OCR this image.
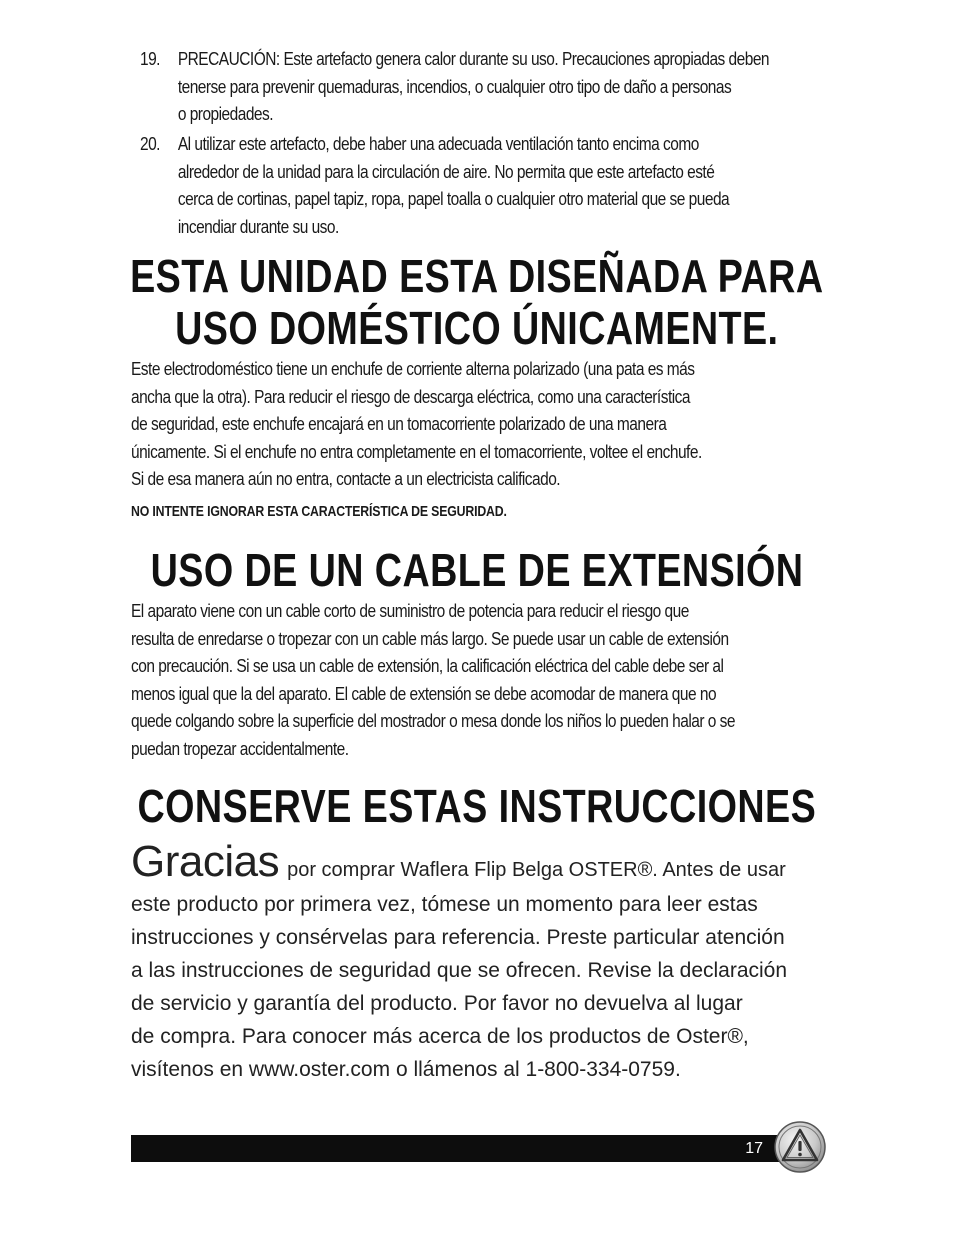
19. PRECAUCIÓN: Este artefacto genera calor durante su uso. Precauciones apropiadas deben
tenerse para prevenir quemaduras, incendios, o cualquier otro tipo de daño a personas
o propiedades.
20. Al utilizar este artefacto, debe haber una adecuada ventilación tanto encima como
alrededor de la unidad para la circulación de aire. No permita que este artefacto esté
cerca de cortinas, papel tapiz, ropa, papel toalla o cualquier otro material que se pueda
incendiar durante su uso.
ESTA UNIDAD ESTA DISEÑADA PARA
USO DOMÉSTICO ÚNICAMENTE.
Este electrodoméstico tiene un enchufe de corriente alterna polarizado (una pata es más
ancha que la otra). Para reducir el riesgo de descarga eléctrica, como una característica
de seguridad, este enchufe encajará en un tomacorriente polarizado de una manera
únicamente. Si el enchufe no entra completamente en el tomacorriente, voltee el enchufe.
Si de esa manera aún no entra, contacte a un electricista calificado.
NO INTENTE IGNORAR ESTA CARACTERÍSTICA DE SEGURIDAD.
USO DE UN CABLE DE EXTENSIÓN
El aparato viene con un cable corto de suministro de potencia para reducir el riesgo que
resulta de enredarse o tropezar con un cable más largo. Se puede usar un cable de extensión
con precaución. Si se usa un cable de extensión, la calificación eléctrica del cable debe ser al
menos igual que la del aparato. El cable de extensión se debe acomodar de manera que no
quede colgando sobre la superficie del mostrador o mesa donde los niños lo pueden halar o se
puedan tropezar accidentalmente.
CONSERVE ESTAS INSTRUCCIONES
Gracias por comprar Waflera Flip Belga OSTER®. Antes de usar
este producto por primera vez, tómese un momento para leer estas
instrucciones y consérvelas para referencia. Preste particular atención
a las instrucciones de seguridad que se ofrecen. Revise la declaración
de servicio y garantía del producto. Por favor no devuelva al lugar
de compra. Para conocer más acerca de los productos de Oster®,
visítenos en www.oster.com o llámenos al 1-800-334-0759.
17
